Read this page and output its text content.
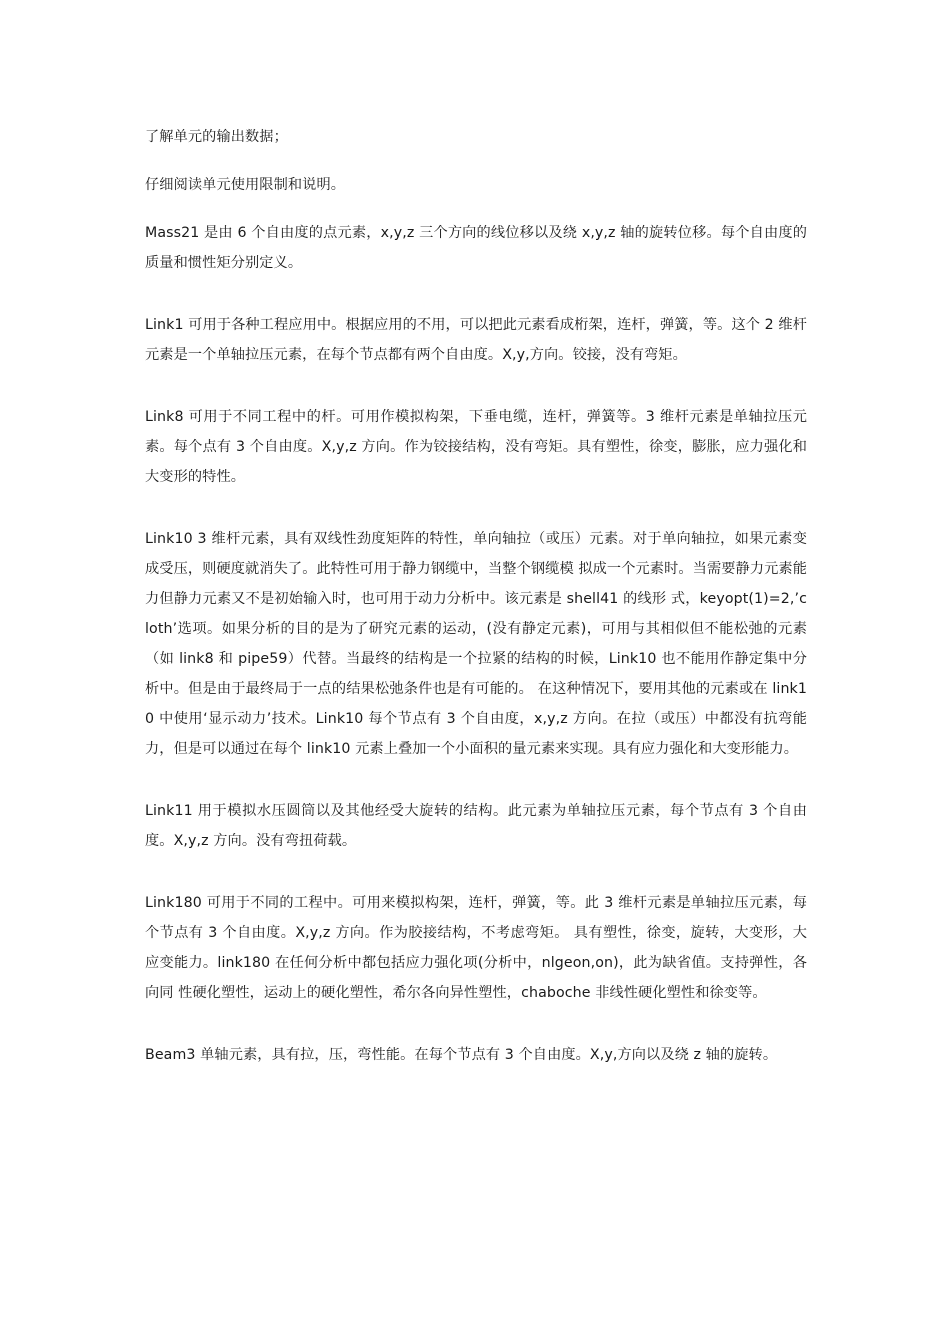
了解单元的输出数据；

仔细阅读单元使用限制和说明。

Mass21 是由 6 个自由度的点元素，x,y,z 三个方向的线位移以及绕 x,y,z 轴的旋转位移。每个自由度的质量和惯性矩分别定义。

Link1 可用于各种工程应用中。根据应用的不用，可以把此元素看成桁架，连杆，弹簧，等。这个 2 维杆元素是一个单轴拉压元素，在每个节点都有两个自由度。X,y,方向。铰接，没有弯矩。

Link8 可用于不同工程中的杆。可用作模拟构架，下垂电缆，连杆，弹簧等。3 维杆元素是单轴拉压元素。每个点有 3 个自由度。X,y,z 方向。作为铰接结构，没有弯矩。具有塑性，徐变，膨胀，应力强化和大变形的特性。

Link10 3 维杆元素，具有双线性劲度矩阵的特性，单向轴拉（或压）元素。对于单向轴拉，如果元素变成受压，则硬度就消失了。此特性可用于静力钢缆中，当整个钢缆模 拟成一个元素时。当需要静力元素能力但静力元素又不是初始输入时，也可用于动力分析中。该元素是 shell41 的线形 式，keyopt(1)=2,’cloth’选项。如果分析的目的是为了研究元素的运动，(没有静定元素)，可用与其相似但不能松弛的元素（如 link8 和 pipe59）代替。当最终的结构是一个拉紧的结构的时候，Link10 也不能用作静定集中分析中。但是由于最终局于一点的结果松弛条件也是有可能的。 在这种情况下，要用其他的元素或在 link10 中使用‘显示动力’技术。Link10 每个节点有 3 个自由度，x,y,z 方向。在拉（或压）中都没有抗弯能 力，但是可以通过在每个 link10 元素上叠加一个小面积的量元素来实现。具有应力强化和大变形能力。

Link11 用于模拟水压圆筒以及其他经受大旋转的结构。此元素为单轴拉压元素，每个节点有 3 个自由度。X,y,z 方向。没有弯扭荷载。

Link180 可用于不同的工程中。可用来模拟构架，连杆，弹簧，等。此 3 维杆元素是单轴拉压元素，每个节点有 3 个自由度。X,y,z 方向。作为胶接结构，不考虑弯矩。 具有塑性，徐变，旋转，大变形，大应变能力。link180 在任何分析中都包括应力强化项(分析中，nlgeon,on)，此为缺省值。支持弹性，各向同 性硬化塑性，运动上的硬化塑性，希尔各向异性塑性，chaboche 非线性硬化塑性和徐变等。

Beam3 单轴元素，具有拉，压，弯性能。在每个节点有 3 个自由度。X,y,方向以及绕 z 轴的旋转。
